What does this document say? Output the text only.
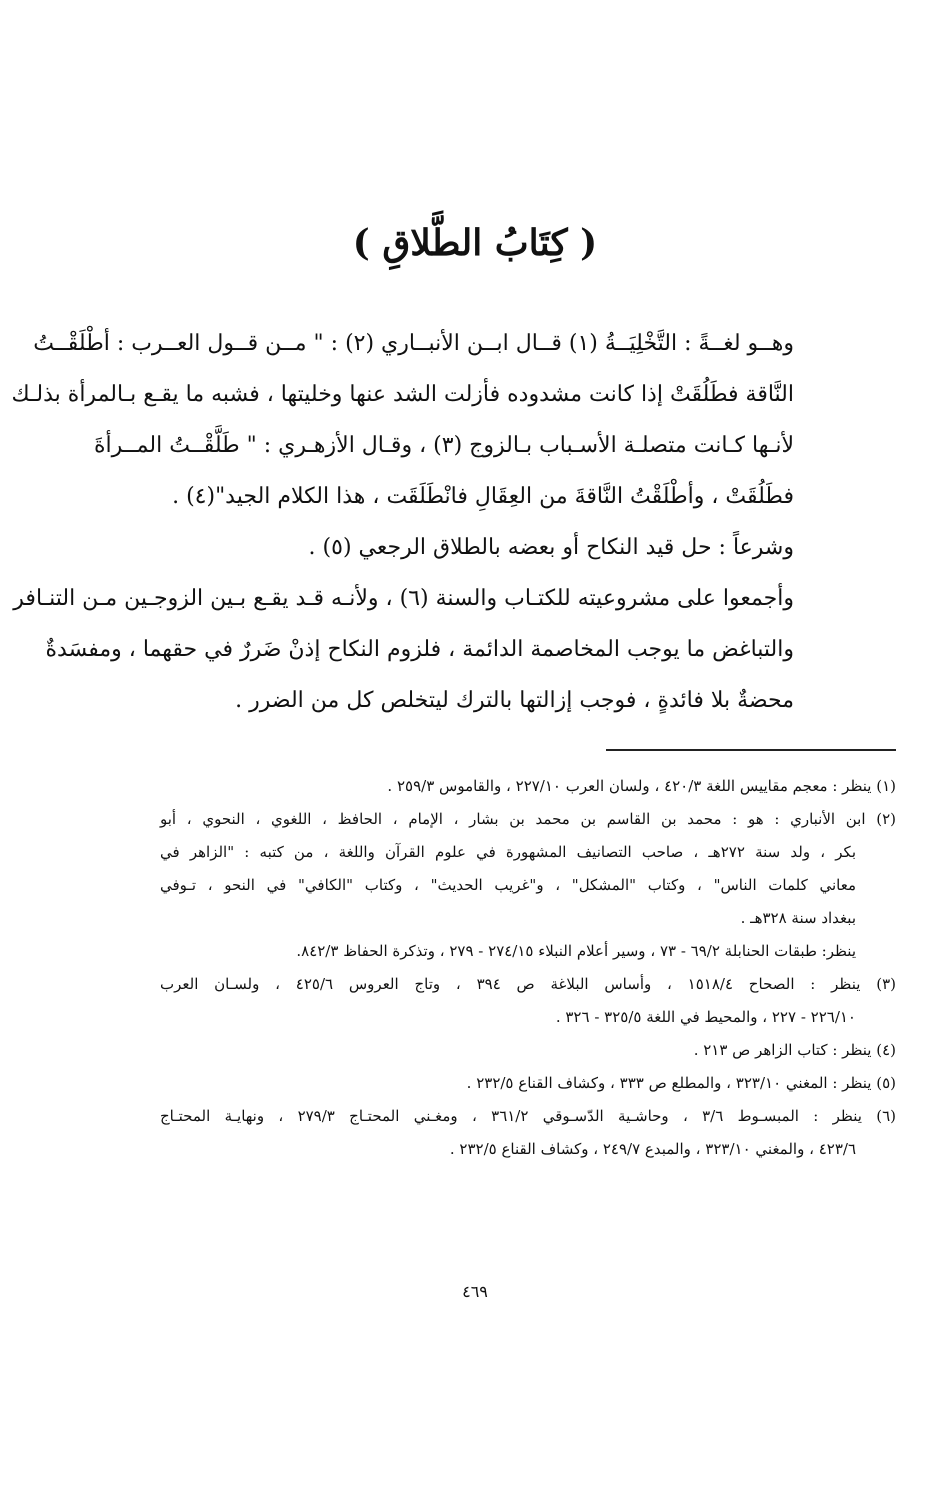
( كِتَابُ الطَّلاقِ )
وهــو لغــةً : التَّخْلِيَــةُ (١) قــال ابــن الأنبــاري (٢) : " مــن قــول العــرب : أطْلَقْــتُ
النَّاقة فطَلُقَتْ إذا كانت مشدوده فأزلت الشد عنها وخليتها ، فشبه ما يقـع بـالمرأة بذلـك
لأنـها كـانت متصلـة الأسـباب بـالزوج (٣) ، وقـال الأزهـري : " طَلَّقْــتُ المــرأةَ
فطَلُقَتْ ، وأطْلَقْتُ النَّاقةَ من العِقَالِ فانْطَلَقَت ، هذا الكلام الجيد"(٤) .
وشرعاً : حل قيد النكاح أو بعضه بالطلاق الرجعي (٥) .
وأجمعوا على مشروعيته للكتـاب والسنة (٦) ، ولأنـه قـد يقـع بـين الزوجـين مـن التنـافر
والتباغض ما يوجب المخاصمة الدائمة ، فلزوم النكاح إذنْ ضَررٌ في حقهما ، ومفسَدةٌ
محضةٌ بلا فائدةٍ ، فوجب إزالتها بالترك ليتخلص كل من الضرر .
(١) ينظر : معجم مقاييس اللغة ٤٢٠/٣ ، ولسان العرب ٢٢٧/١٠ ، والقاموس ٢٥٩/٣ .
(٢) ابن الأنباري : هو : محمد بن القاسم بن محمد بن بشار ، الإمام ، الحافظ ، اللغوي ، النحوي ، أبو
بكر ، ولد سنة ٢٧٢هـ ، صاحب التصانيف المشهورة في علوم القرآن واللغة ، من كتبه : "الزاهر في
معاني كلمات الناس" ، وكتاب "المشكل" ، و"غريب الحديث" ، وكتاب "الكافي" في النحو ، تـوفي
ببغداد سنة ٣٢٨هـ .
ينظر: طبقات الحنابلة ٦٩/٢ - ٧٣ ، وسير أعلام النبلاء ٢٧٤/١٥ - ٢٧٩ ، وتذكرة الحفاظ ٨٤٢/٣.
(٣) ينظر : الصحاح ١٥١٨/٤ ، وأساس البلاغة ص ٣٩٤ ، وتاج العروس ٤٢٥/٦ ، ولسـان العرب
٢٢٦/١٠ - ٢٢٧ ، والمحيط في اللغة ٣٢٥/٥ - ٣٢٦ .
(٤) ينظر : كتاب الزاهر ص ٢١٣ .
(٥) ينظر : المغني ٣٢٣/١٠ ، والمطلع ص ٣٣٣ ، وكشاف القناع ٢٣٢/٥ .
(٦) ينظر : المبسـوط ٣/٦ ، وحاشـية الدّسـوقي ٣٦١/٢ ، ومغـني المحتـاج ٢٧٩/٣ ، ونهايـة المحتـاج
٤٢٣/٦ ، والمغني ٣٢٣/١٠ ، والمبدع ٢٤٩/٧ ، وكشاف القناع ٢٣٢/٥ .
٤٦٩
